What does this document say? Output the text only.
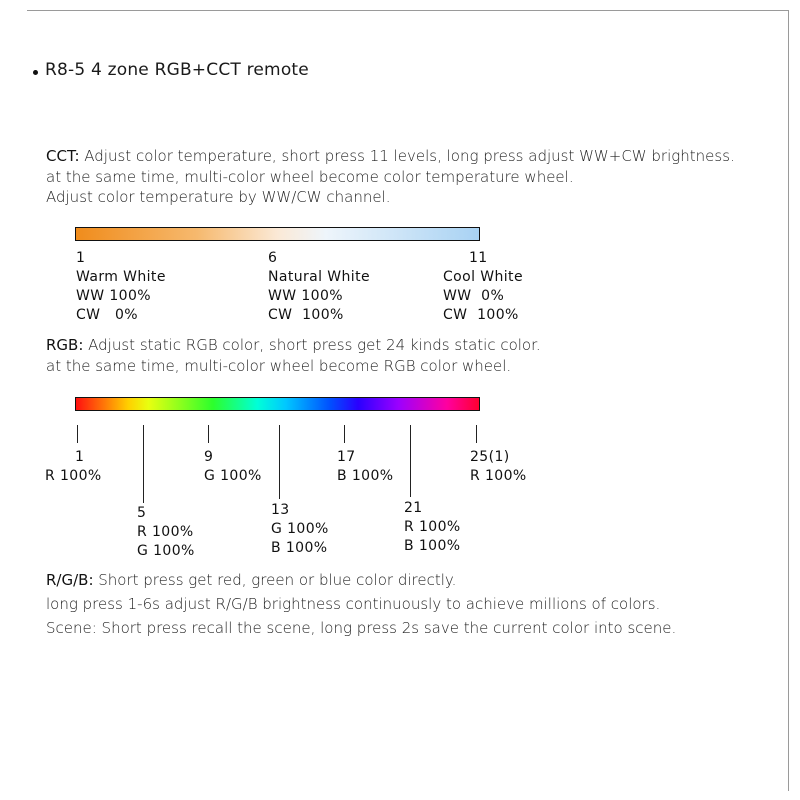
R8-5 4 zone RGB+CCT remote
CCT: Adjust color temperature, short press 11 levels, long press adjust WW+CW brightness.
at the same time, multi-color wheel become color temperature wheel.
Adjust color temperature by WW/CW channel.
1
Warm White
WW 100%
CW   0%
6
Natural White
WW 100%
CW  100%
11
Cool White
WW  0%
CW  100%
RGB: Adjust static RGB color, short press get 24 kinds static color.
at the same time, multi-color wheel become RGB color wheel.
1
R 100%
5
R 100%
G 100%
9
G 100%
13
G 100%
B 100%
17
B 100%
21
R 100%
B 100%
25(1)
R 100%
R/G/B: Short press get red, green or blue color directly.
long press 1-6s adjust R/G/B brightness continuously to achieve millions of colors.
Scene: Short press recall the scene, long press 2s save the current color into scene.
